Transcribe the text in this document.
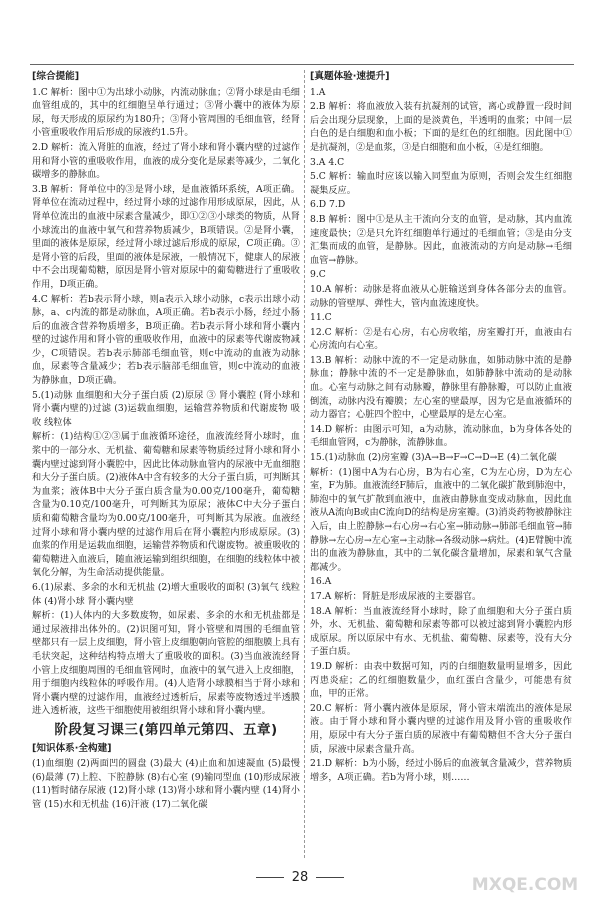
[综合提能]

1.C 解析：图中①为出球小动脉，内流动脉血；②肾小球是由毛细血管组成的，其中的红细胞呈单行通过；③肾小囊中的液体为原尿，每天形成的原尿约为180升；③肾小管周围的毛细血管，经肾小管重吸收作用后形成的尿液约1.5升。

2.D 解析：流入肾脏的血液，经过了肾小球和肾小囊内壁的过滤作用和肾小管的重吸收作用，血液的成分变化是尿素等减少，二氧化碳增多的静脉血。

3.B 解析：肾单位中的③是肾小球，是血液循环系统，A项正确。肾单位在流动过程中，经过肾小球的过滤作用形成原尿，因此，从肾单位流出的血液中尿素含量减少，即①②③小球类的物质，从肾小球流出的血液中氧气和营养物质减少，B项错误。②是肾小囊，里面的液体是原尿，经过肾小球过滤后形成的原尿，C项正确。③是肾小管的后段，里面的液体是尿液，一般情况下，健康人的尿液中不会出现葡萄糖，原因是肾小管对原尿中的葡萄糖进行了重吸收作用，D项正确。

4.C 解析：若b表示肾小球，则a表示入球小动脉，c表示出球小动脉，a、c内流的都是动脉血，A项正确。若b表示小肠，经过小肠后的血液含营养物质增多，B项正确。若b表示肾小球和肾小囊内壁的过滤作用和肾小管的重吸收作用，血液中的尿素等代谢废物减少，C项错误。若b表示肺部毛细血管，则c中流动的血液为动脉血，尿素等含量减少；若b表示脑部毛细血管，则c中流动的血液为静脉血，D项正确。

5.(1)动脉 血细胞和大分子蛋白质 (2)原尿 ③ 肾小囊腔 (肾小球和肾小囊内壁的)过滤 (3)运载血细胞，运输营养物质和代谢废物 吸收 线粒体

解析：(1)结构①②③属于血液循环途径，血液流经肾小球时，血浆中的一部分水、无机盐、葡萄糖和尿素等物质经过肾小球和肾小囊内壁过滤到肾小囊腔中，因此比体动脉血管内的尿液中无血细胞和大分子蛋白质。(2)液体A中含有较多的大分子蛋白质，可判断其为血浆；液体B中大分子蛋白质含量为0.00克/100毫升，葡萄糖含量为0.10克/100毫升，可判断其为原尿；液体C中大分子蛋白质和葡萄糖含量均为0.00克/100毫升，可判断其为尿液。血液经过肾小球和肾小囊内壁的过滤作用后在肾小囊腔内形成原尿。(3)血浆的作用是运载血细胞，运输营养物质和代谢废物。被重吸收的葡萄糖进入血液后，随血液运输到组织细胞，在细胞的线粒体中被氧化分解，为生命活动提供能量。

6.(1)尿素、多余的水和无机盐 (2)增大重吸收的面积 (3)氧气 线粒体 (4)肾小球 肾小囊内壁

解析：(1)人体内的大多数废物，如尿素、多余的水和无机盐都是通过尿液排出体外的。(2)识图可知，肾小管壁和周围的毛细血管壁都只有一层上皮细胞，肾小管上皮细胞朝向管腔的细胞膜上具有毛状突起，这种结构特点增大了重吸收的面积。(3)当血液流经肾小管上皮细胞周围的毛细血管网时，血液中的氧气进入上皮细胞，用于细胞内线粒体的呼吸作用。(4)人造肾小球膜相当于肾小球和肾小囊内壁的过滤作用，血液经过透析后，尿素等废物透过半透膜进入透析液，这些干细胞使用被组织肾小球和肾小囊内壁。

阶段复习课三(第四单元第四、五章)
[知识体系·全构建]

(1)血细胞 (2)两面凹的圆盘 (3)最大 (4)止血和加速凝血 (5)最慢 (6)最薄 (7)上腔、下腔静脉 (8)右心室 (9)输同型血 (10)形成尿液 (11)暂时储存尿液 (12)肾小球 (13)肾小球和肾小囊内壁 (14)肾小管 (15)水和无机盐 (16)汗液 (17)二氧化碳

[真题体验·速提升]

1.A

2.B 解析：将血液放入装有抗凝剂的试管，离心或静置一段时间后会出现分层现象，上面的是淡黄色，半透明的血浆；中间一层白色的是白细胞和血小板；下面的是红色的红细胞。因此图中①是抗凝剂，②是血浆，③是白细胞和血小板，④是红细胞。

3.A 4.C

5.C 解析：输血时应该以输入同型血为原则，否则会发生红细胞凝集反应。

6.D 7.D

8.B 解析：图中①是从主干流向分支的血管，是动脉，其内血流速度最快；②是只允许红细胞单行通过的毛细血管；③是由分支汇集而成的血管，是静脉。因此，血液流动的方向是动脉→毛细血管→静脉。

9.C

10.A 解析：动脉是将血液从心脏输送到身体各部分去的血管。动脉的管壁厚、弹性大，管内血流速度快。

11.C

12.C 解析：②是右心房，右心房收缩，房室瓣打开，血液由右心房流向右心室。

13.B 解析：动脉中流的不一定是动脉血，如肺动脉中流的是静脉血；静脉中流的不一定是静脉血，如肺静脉中流动的是动脉血。心室与动脉之间有动脉瓣，静脉里有静脉瓣，可以防止血液倒流，动脉内没有瓣膜；左心室的壁最厚，因为它是血液循环的动力器官；心脏四个腔中，心壁最厚的是左心室。

14.D 解析：由图示可知，a为动脉，流动脉血，b为身体各处的毛细血管网，c为静脉，流静脉血。

15.(1)动脉血 (2)房室瓣 (3)A→B→F→C→D→E (4)二氧化碳

解析：(1)图中A为右心房，B为右心室，C为左心房，D为左心室，F为肺。血液流经F肺后，血液中的二氧化碳扩散到肺泡中，肺泡中的氧气扩散到血液中，血液由静脉血变成动脉血，因此血液从A流向B或由C流向D的结构是房室瓣。(3)消炎药物被静脉注入后，由上腔静脉→右心房→右心室→肺动脉→肺部毛细血管→肺静脉→左心房→左心室→主动脉→各级动脉→病灶。(4)E臂腕中流出的血液为静脉血，其中的二氧化碳含量增加，尿素和氧气含量都减少。

16.A

17.A 解析：肾脏是形成尿液的主要器官。

18.A 解析：当血液流经肾小球时，除了血细胞和大分子蛋白质外，水、无机盐、葡萄糖和尿素等都可以被过滤到肾小囊腔内形成原尿。所以原尿中有水、无机盐、葡萄糖、尿素等，没有大分子蛋白质。

19.D 解析：由表中数据可知，丙的白细胞数量明显增多，因此丙患炎症；乙的红细胞数量少，血红蛋白含量少，可能患有贫血，甲的正常。

20.C 解析：肾小囊内液体是原尿，肾小管末端流出的液体是尿液。由于肾小球和肾小囊内壁的过滤作用及肾小管的重吸收作用，原尿中有大分子蛋白质的尿液中有葡萄糖但不含大分子蛋白质，尿液中尿素含量升高。

21.D 解析：b为小肠，经过小肠后的血液氧含量减少，营养物质增多，A项正确。若b为肾小球，则……

28	MXQE.COM
